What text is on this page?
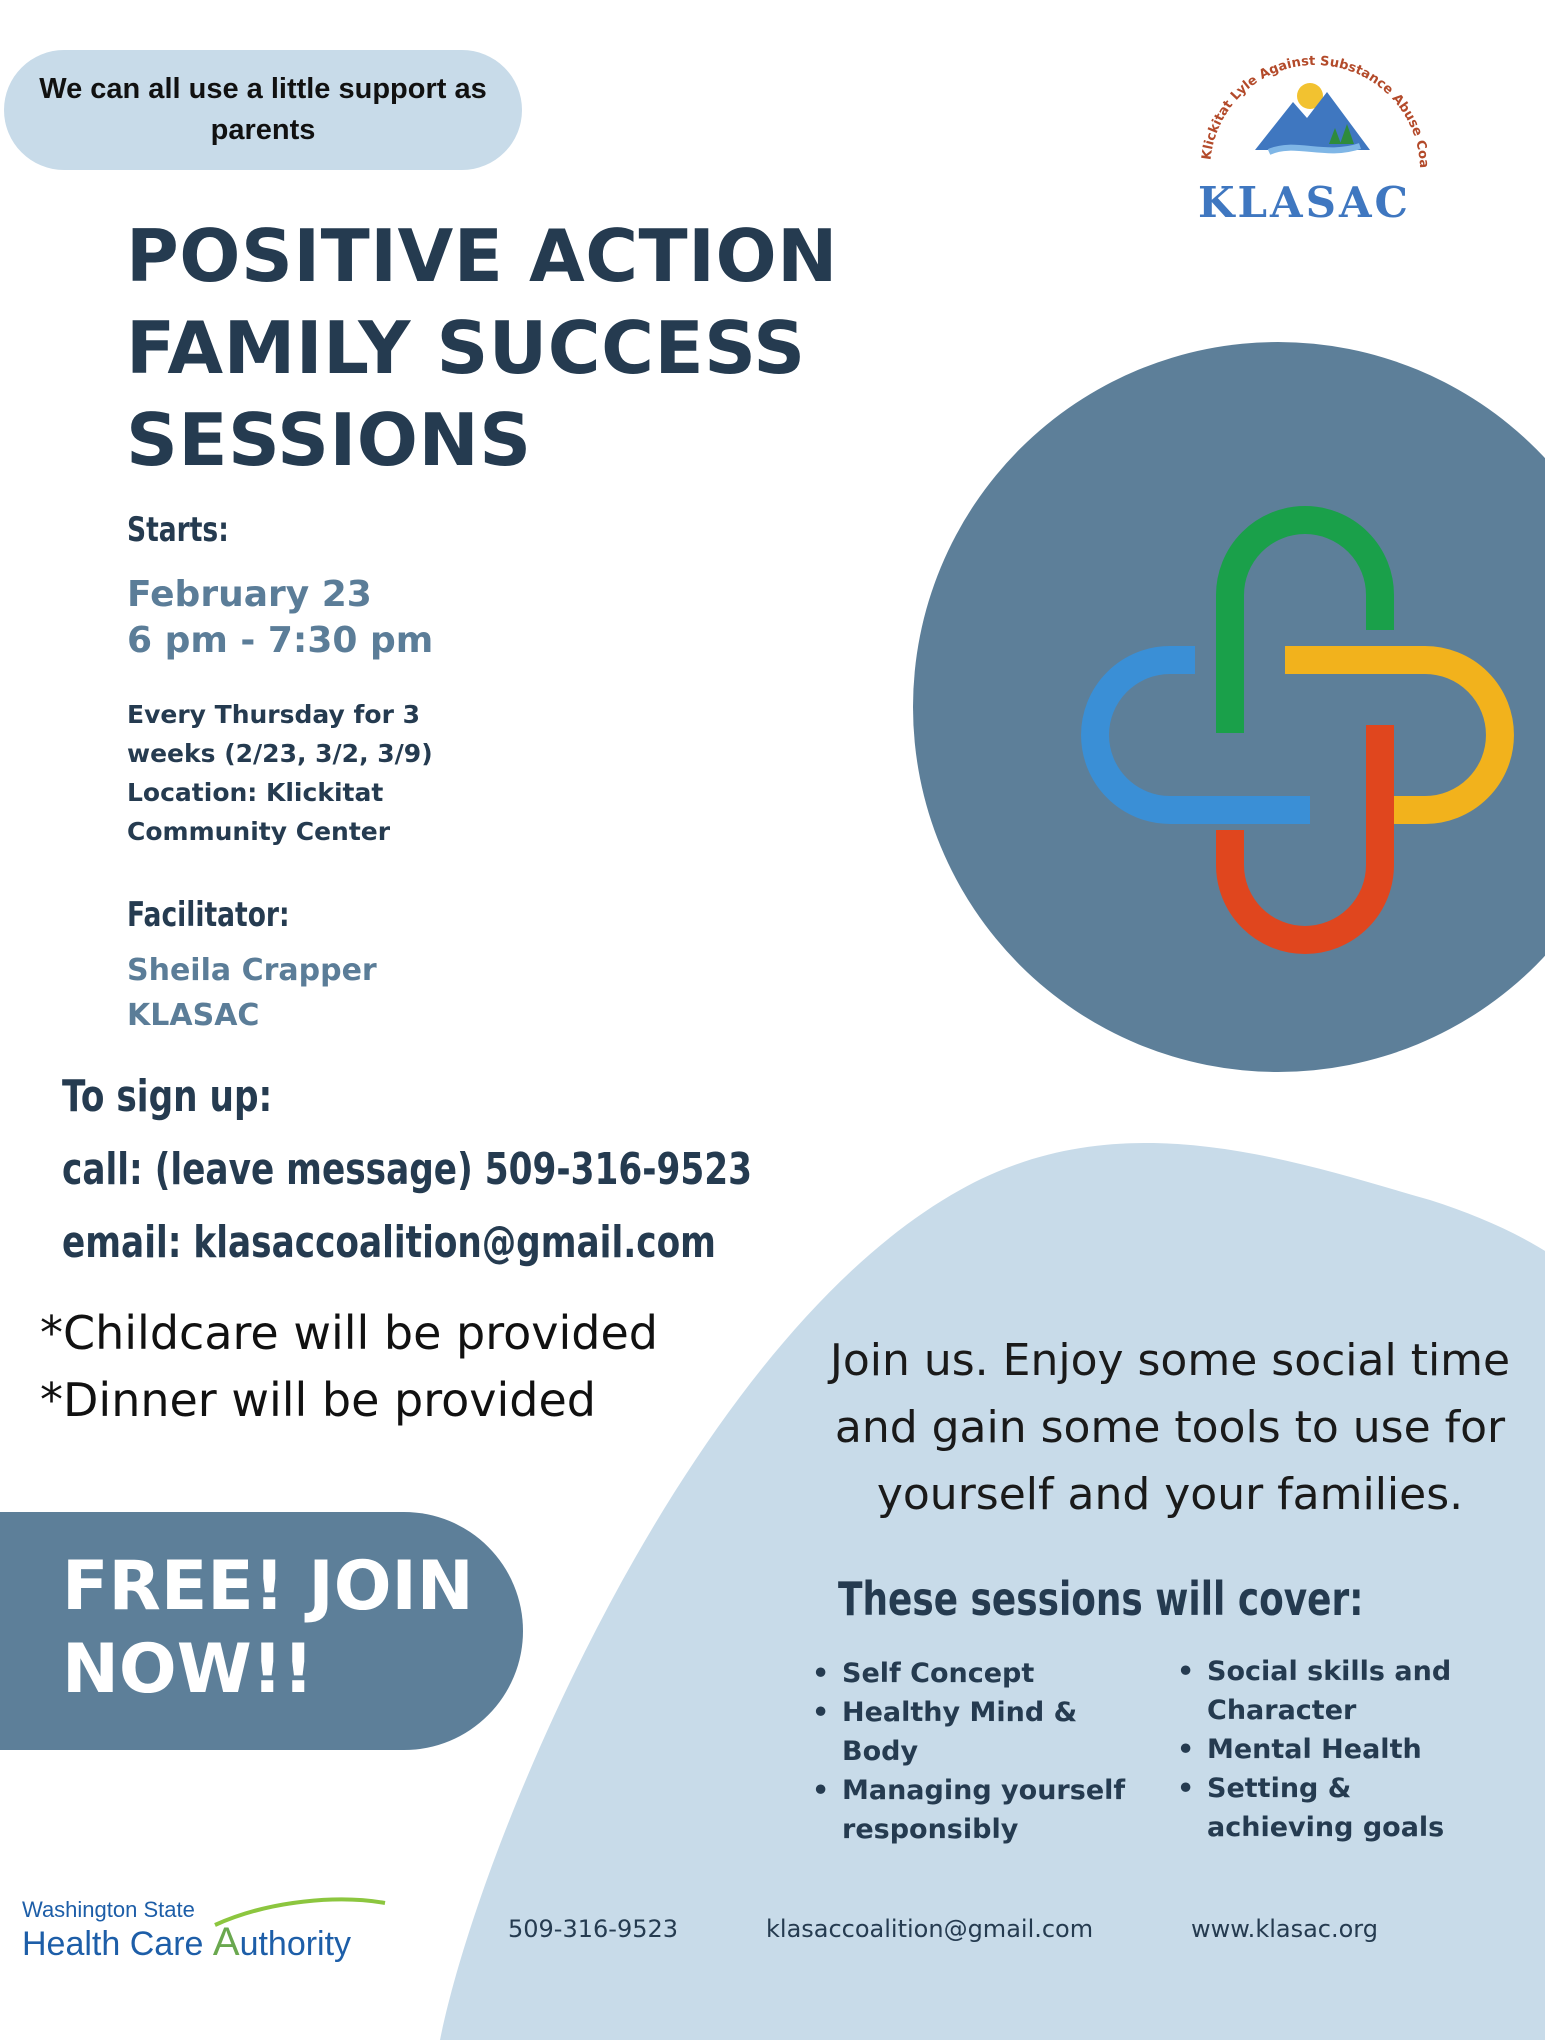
We can all use a little support as parents
Klickitat Lyle Against Substance Abuse Coa
KLASAC
POSITIVE ACTION
FAMILY SUCCESS
SESSIONS
Starts:
February 23
6 pm - 7:30 pm
Every Thursday for 3
weeks (2/23, 3/2, 3/9)
Location: Klickitat
Community Center
Facilitator:
Sheila Crapper
KLASAC
To sign up:
call: (leave message) 509-316-9523
email: klasaccoalition@gmail.com
*Childcare will be provided
*Dinner will be provided
FREE! JOIN
NOW!!
Join us. Enjoy some social time
and gain some tools to use for
yourself and your families.
These sessions will cover:
• Self Concept
• Healthy Mind &
Body
• Managing yourself
responsibly
• Social skills and
Character
• Mental Health
• Setting &
achieving goals
Washington State
Health Care Authority	509-316-9523	klasaccoalition@gmail.com	www.klasac.org
